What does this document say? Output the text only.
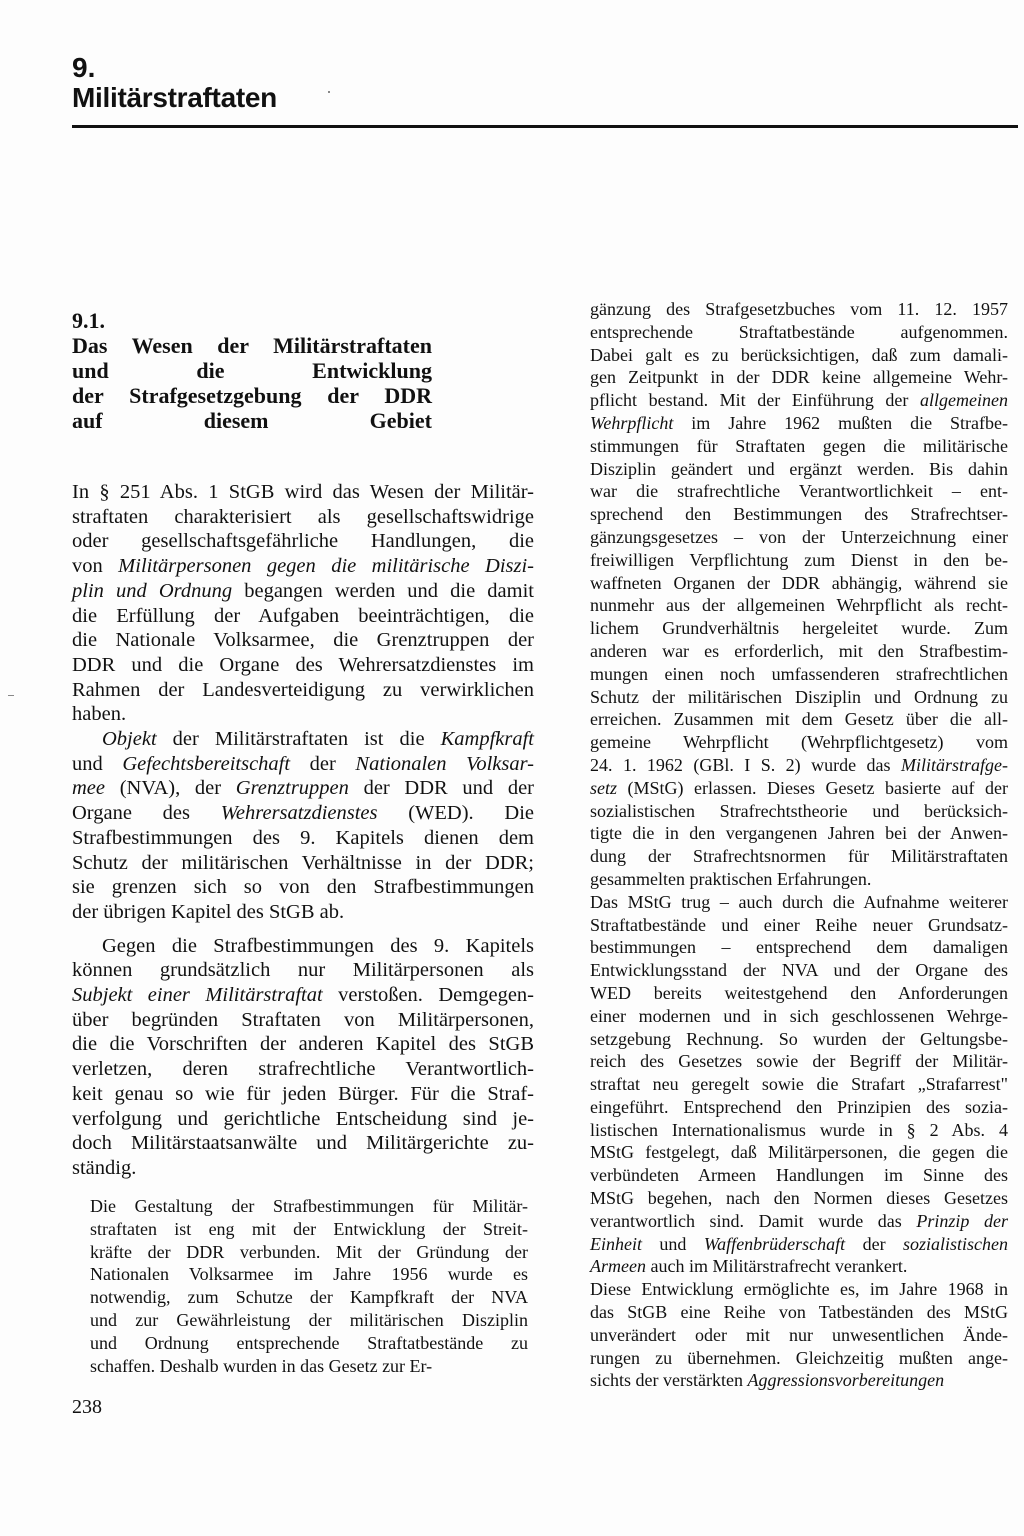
9.
Militärstraftaten
9.1.
Das Wesen der Militärstraftaten
und die Entwicklung
der Strafgesetzgebung der DDR
auf diesem Gebiet
In § 251 Abs. 1 StGB wird das Wesen der Militär-
straftaten charakterisiert als gesellschaftswidrige
oder gesellschaftsgefährliche Handlungen, die
von Militärpersonen gegen die militärische Diszi-
plin und Ordnung begangen werden und die damit
die Erfüllung der Aufgaben beeinträchtigen, die
die Nationale Volksarmee, die Grenztruppen der
DDR und die Organe des Wehrersatzdienstes im
Rahmen der Landesverteidigung zu verwirklichen
haben.
Objekt der Militärstraftaten ist die Kampfkraft
und Gefechtsbereitschaft der Nationalen Volksar-
mee (NVA), der Grenztruppen der DDR und der
Organe des Wehrersatzdienstes (WED). Die
Strafbestimmungen des 9. Kapitels dienen dem
Schutz der militärischen Verhältnisse in der DDR;
sie grenzen sich so von den Strafbestimmungen
der übrigen Kapitel des StGB ab.
Gegen die Strafbestimmungen des 9. Kapitels
können grundsätzlich nur Militärpersonen als
Subjekt einer Militärstraftat verstoßen. Demgegen-
über begründen Straftaten von Militärpersonen,
die die Vorschriften der anderen Kapitel des StGB
verletzen, deren strafrechtliche Verantwortlich-
keit genau so wie für jeden Bürger. Für die Straf-
verfolgung und gerichtliche Entscheidung sind je-
doch Militärstaatsanwälte und Militärgerichte zu-
ständig.
Die Gestaltung der Strafbestimmungen für Militär-
straftaten ist eng mit der Entwicklung der Streit-
kräfte der DDR verbunden. Mit der Gründung der
Nationalen Volksarmee im Jahre 1956 wurde es
notwendig, zum Schutze der Kampfkraft der NVA
und zur Gewährleistung der militärischen Disziplin
und Ordnung entsprechende Straftatbestände zu
schaffen. Deshalb wurden in das Gesetz zur Er-
gänzung des Strafgesetzbuches vom 11. 12. 1957
entsprechende Straftatbestände aufgenommen.
Dabei galt es zu berücksichtigen, daß zum damali-
gen Zeitpunkt in der DDR keine allgemeine Wehr-
pflicht bestand. Mit der Einführung der allgemeinen
Wehrpflicht im Jahre 1962 mußten die Strafbe-
stimmungen für Straftaten gegen die militärische
Disziplin geändert und ergänzt werden. Bis dahin
war die strafrechtliche Verantwortlichkeit – ent-
sprechend den Bestimmungen des Strafrechtser-
gänzungsgesetzes – von der Unterzeichnung einer
freiwilligen Verpflichtung zum Dienst in den be-
waffneten Organen der DDR abhängig, während sie
nunmehr aus der allgemeinen Wehrpflicht als recht-
lichem Grundverhältnis hergeleitet wurde. Zum
anderen war es erforderlich, mit den Strafbestim-
mungen einen noch umfassenderen strafrechtlichen
Schutz der militärischen Disziplin und Ordnung zu
erreichen. Zusammen mit dem Gesetz über die all-
gemeine Wehrpflicht (Wehrpflichtgesetz) vom
24. 1. 1962 (GBl. I S. 2) wurde das Militärstrafge-
setz (MStG) erlassen. Dieses Gesetz basierte auf der
sozialistischen Strafrechtstheorie und berücksich-
tigte die in den vergangenen Jahren bei der Anwen-
dung der Strafrechtsnormen für Militärstraftaten
gesammelten praktischen Erfahrungen.
Das MStG trug – auch durch die Aufnahme weiterer
Straftatbestände und einer Reihe neuer Grundsatz-
bestimmungen – entsprechend dem damaligen
Entwicklungsstand der NVA und der Organe des
WED bereits weitestgehend den Anforderungen
einer modernen und in sich geschlossenen Wehrge-
setzgebung Rechnung. So wurden der Geltungsbe-
reich des Gesetzes sowie der Begriff der Militär-
straftat neu geregelt sowie die Strafart „Strafarrest"
eingeführt. Entsprechend den Prinzipien des sozia-
listischen Internationalismus wurde in § 2 Abs. 4
MStG festgelegt, daß Militärpersonen, die gegen die
verbündeten Armeen Handlungen im Sinne des
MStG begehen, nach den Normen dieses Gesetzes
verantwortlich sind. Damit wurde das Prinzip der
Einheit und Waffenbrüderschaft der sozialistischen
Armeen auch im Militärstrafrecht verankert.
Diese Entwicklung ermöglichte es, im Jahre 1968 in
das StGB eine Reihe von Tatbeständen des MStG
unverändert oder mit nur unwesentlichen Ände-
rungen zu übernehmen. Gleichzeitig mußten ange-
sichts der verstärkten Aggressionsvorbereitungen
238
